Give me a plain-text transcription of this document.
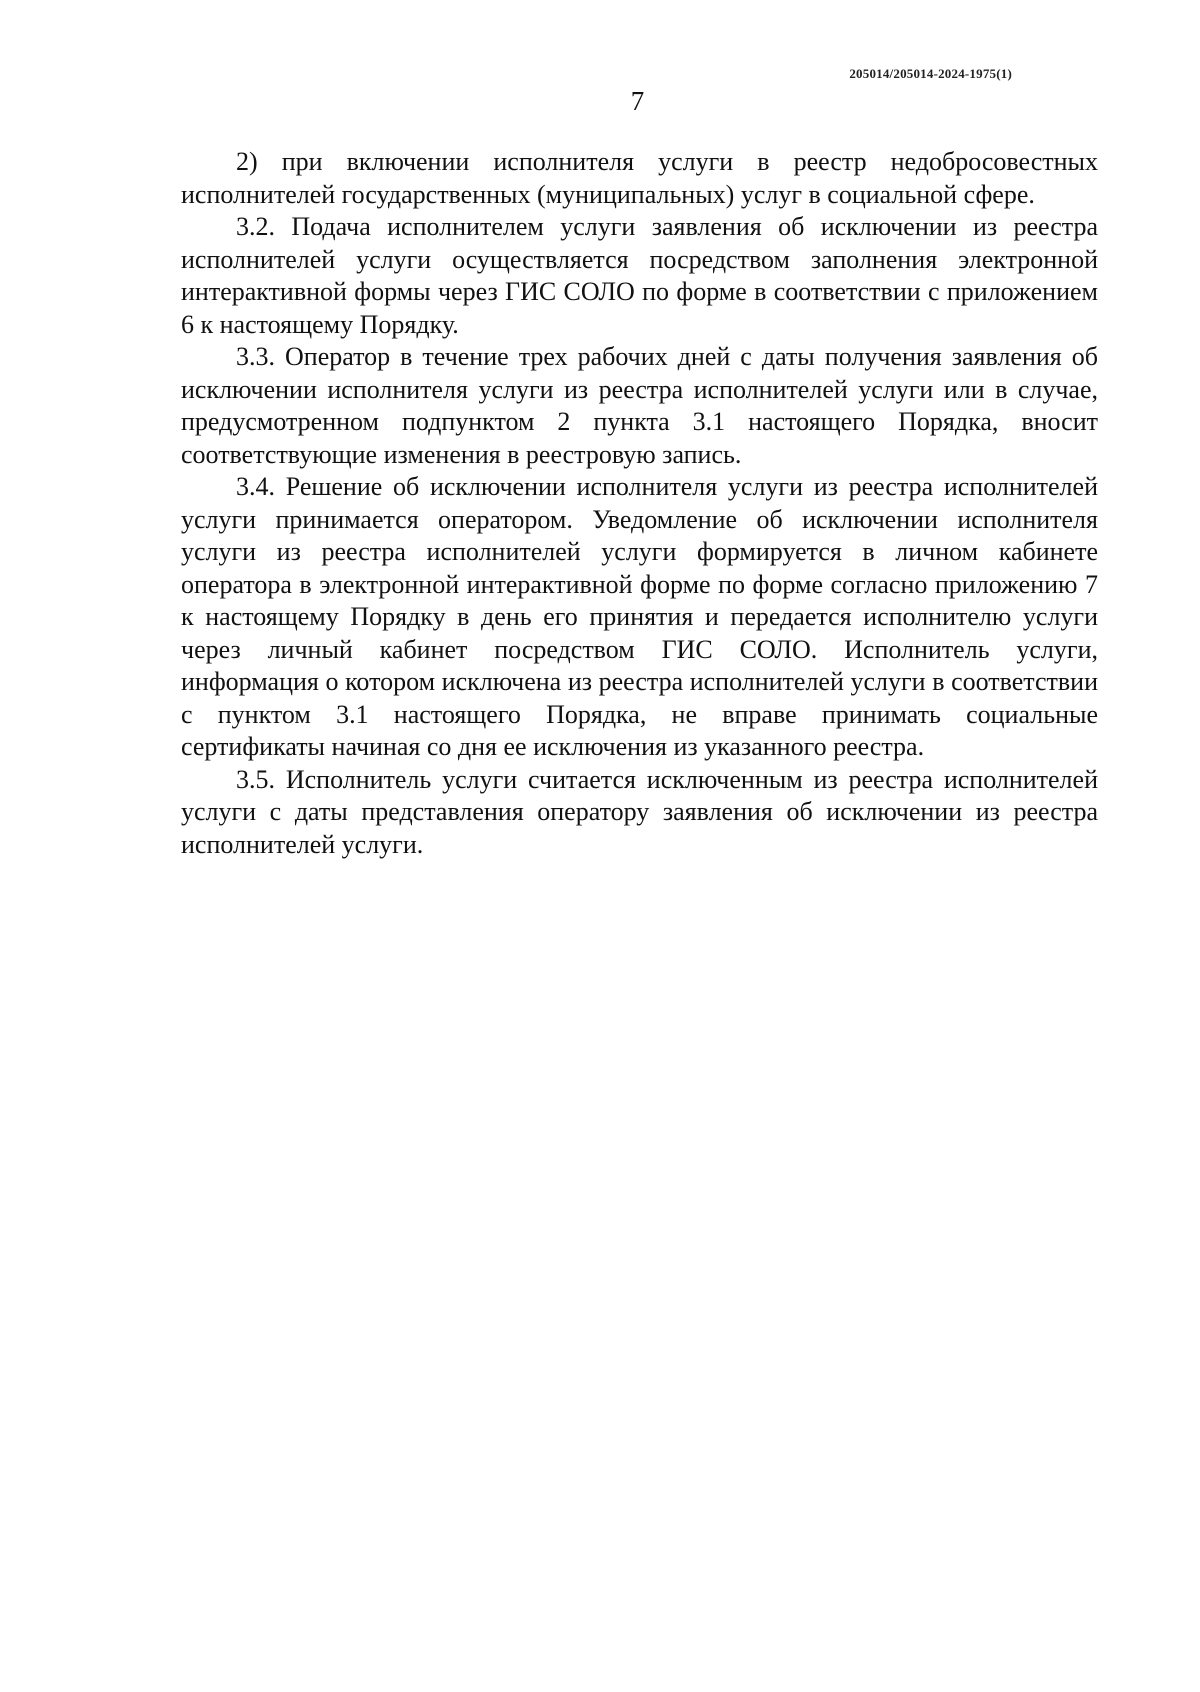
205014/205014-2024-1975(1)
7

2) при включении исполнителя услуги в реестр недобросовестных исполнителей государственных (муниципальных) услуг в социальной сфере.

3.2. Подача исполнителем услуги заявления об исключении из реестра исполнителей услуги осуществляется посредством заполнения электронной интерактивной формы через ГИС СОЛО по форме в соответствии с приложением 6 к настоящему Порядку.

3.3. Оператор в течение трех рабочих дней с даты получения заявления об исключении исполнителя услуги из реестра исполнителей услуги или в случае, предусмотренном подпунктом 2 пункта 3.1 настоящего Порядка, вносит соответствующие изменения в реестровую запись.

3.4. Решение об исключении исполнителя услуги из реестра исполнителей услуги принимается оператором. Уведомление об исключении исполнителя услуги из реестра исполнителей услуги формируется в личном кабинете оператора в электронной интерактивной форме по форме согласно приложению 7 к настоящему Порядку в день его принятия и передается исполнителю услуги через личный кабинет посредством ГИС СОЛО. Исполнитель услуги, информация о котором исключена из реестра исполнителей услуги в соответствии с пунктом 3.1 настоящего Порядка, не вправе принимать социальные сертификаты начиная со дня ее исключения из указанного реестра.

3.5. Исполнитель услуги считается исключенным из реестра исполнителей услуги с даты представления оператору заявления об исключении из реестра исполнителей услуги.
